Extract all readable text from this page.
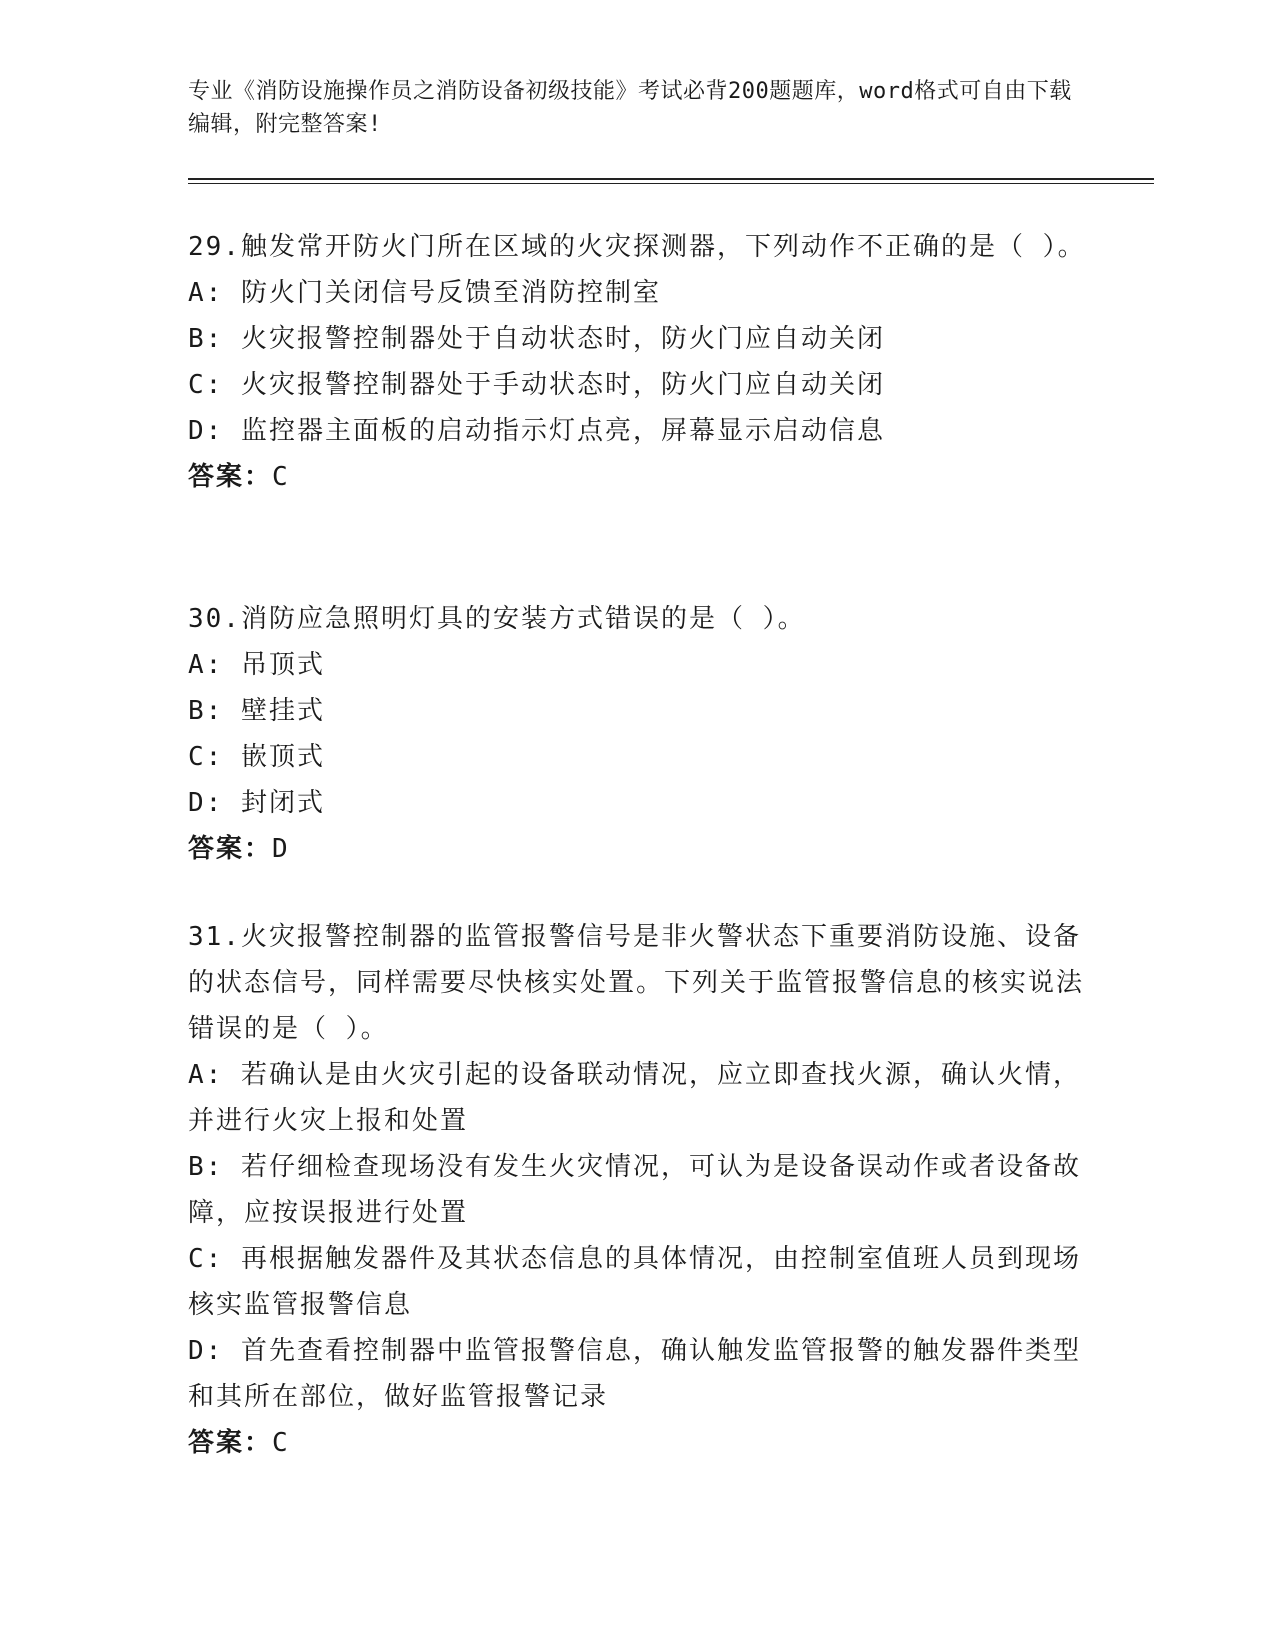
专业《消防设施操作员之消防设备初级技能》考试必背200题题库，word格式可自由下载编辑，附完整答案!

29.触发常开防火门所在区域的火灾探测器，下列动作不正确的是（ ）。

A: 防火门关闭信号反馈至消防控制室

B: 火灾报警控制器处于自动状态时，防火门应自动关闭

C: 火灾报警控制器处于手动状态时，防火门应自动关闭

D: 监控器主面板的启动指示灯点亮，屏幕显示启动信息

答案：C

30.消防应急照明灯具的安装方式错误的是（ ）。

A: 吊顶式

B: 壁挂式

C: 嵌顶式

D: 封闭式

答案：D

31.火灾报警控制器的监管报警信号是非火警状态下重要消防设施、设备的状态信号，同样需要尽快核实处置。下列关于监管报警信息的核实说法错误的是（ ）。

A: 若确认是由火灾引起的设备联动情况，应立即查找火源，确认火情，并进行火灾上报和处置

B: 若仔细检查现场没有发生火灾情况，可认为是设备误动作或者设备故障，应按误报进行处置

C: 再根据触发器件及其状态信息的具体情况，由控制室值班人员到现场核实监管报警信息

D: 首先查看控制器中监管报警信息，确认触发监管报警的触发器件类型和其所在部位，做好监管报警记录

答案：C
